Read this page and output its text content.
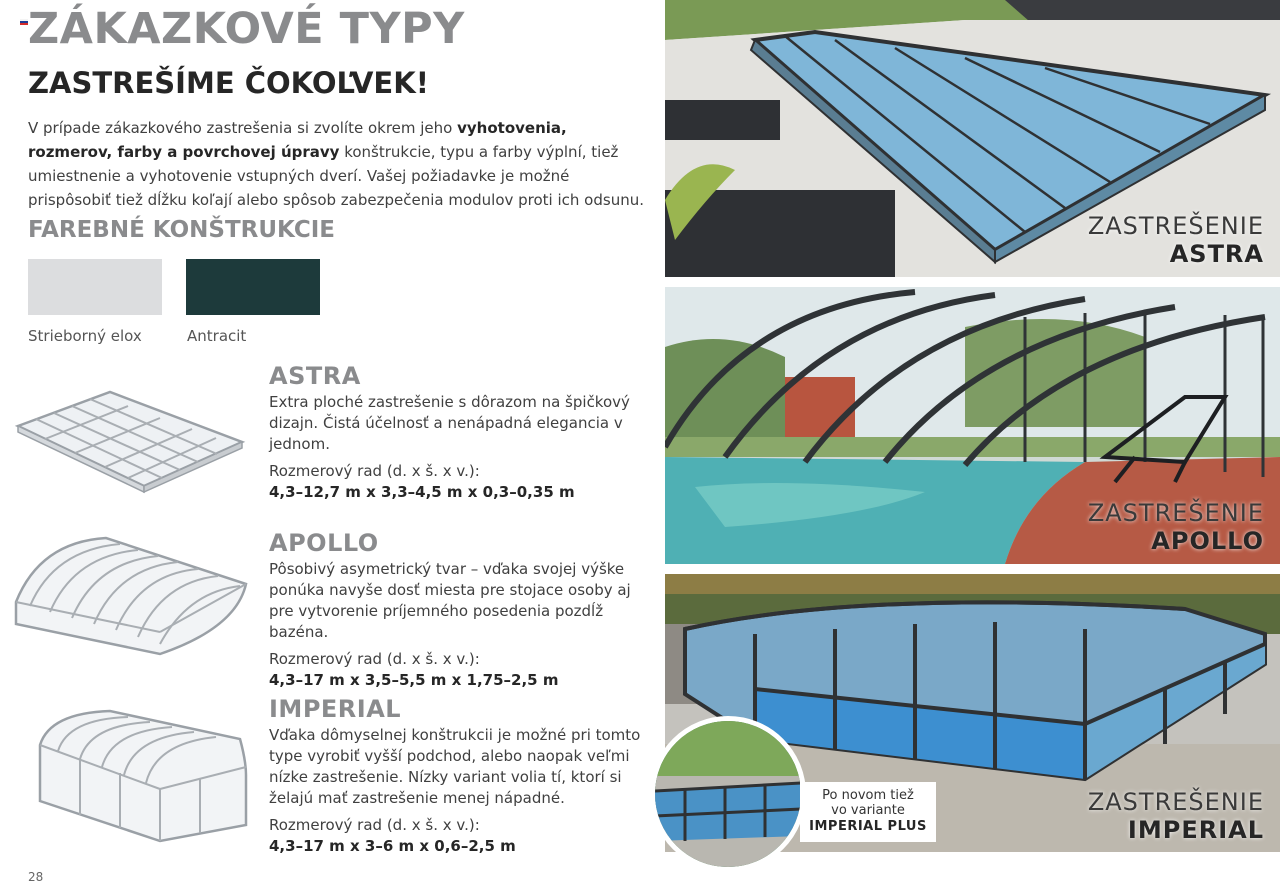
ZÁKAZKOVÉ TYPY
ZASTREŠÍME ČOKOĽVEK!

V prípade zákazkového zastrešenia si zvolíte okrem jeho vyhotovenia, rozmerov, farby a povrchovej úpravy konštrukcie, typu a farby výplní, tiež umiestnenie a vyhotovenie vstupných dverí. Vašej požiadavke je možné prispôsobiť tiež dĺžku koľají alebo spôsob zabezpečenia modulov proti ich odsunu.

FAREBNÉ KONŠTRUKCIE
Strieborný elox	Antracit
ASTRA
Extra ploché zastrešenie s dôrazom na špičkový dizajn. Čistá účelnosť a nenápadná elegancia v jednom.
Rozmerový rad (d. x š. x v.):
4,3–12,7 m x 3,3–4,5 m x 0,3–0,35 m
APOLLO
Pôsobivý asymetrický tvar – vďaka svojej výške ponúka navyše dosť miesta pre stojace osoby aj pre vytvorenie príjemného posedenia pozdĺž bazéna.
Rozmerový rad (d. x š. x v.):
4,3–17 m x 3,5–5,5 m x 1,75–2,5 m
IMPERIAL
Vďaka dômyselnej konštrukcii je možné pri tomto type vyrobiť vyšší podchod, alebo naopak veľmi nízke zastrešenie. Nízky variant volia tí, ktorí si želajú mať zastrešenie menej nápadné.
Rozmerový rad (d. x š. x v.):
4,3–17 m x 3–6 m x 0,6–2,5 m
ZASTREŠENIE
ASTRA
ZASTREŠENIE
APOLLO
ZASTREŠENIE
IMPERIAL
Po novom tiež
vo variante
IMPERIAL PLUS
28
